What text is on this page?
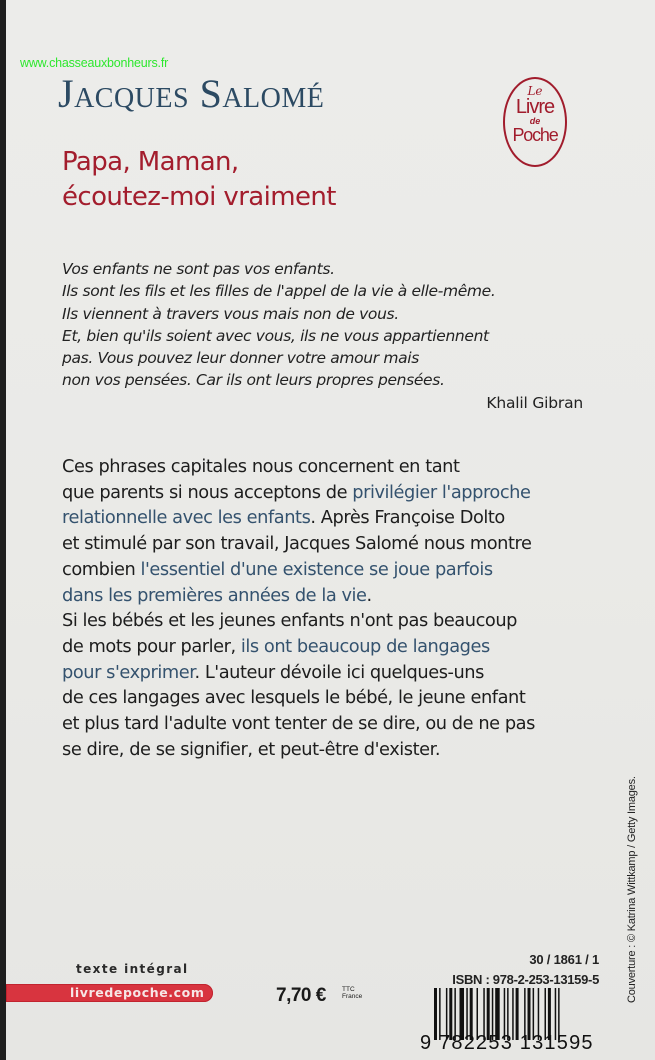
www.chasseauxbonheurs.fr
Jacques Salomé	Le
Livre
de
Poche
Papa, Maman,
écoutez-moi vraiment
Vos enfants ne sont pas vos enfants.
Ils sont les fils et les filles de l'appel de la vie à elle-même.
Ils viennent à travers vous mais non de vous.
Et, bien qu'ils soient avec vous, ils ne vous appartiennent
pas. Vous pouvez leur donner votre amour mais
non vos pensées. Car ils ont leurs propres pensées.
Khalil Gibran
Ces phrases capitales nous concernent en tant
que parents si nous acceptons de privilégier l'approche
relationnelle avec les enfants. Après Françoise Dolto
et stimulé par son travail, Jacques Salomé nous montre
combien l'essentiel d'une existence se joue parfois
dans les premières années de la vie.
Si les bébés et les jeunes enfants n'ont pas beaucoup
de mots pour parler, ils ont beaucoup de langages
pour s'exprimer. L'auteur dévoile ici quelques-uns
de ces langages avec lesquels le bébé, le jeune enfant
et plus tard l'adulte vont tenter de se dire, ou de ne pas
se dire, de se signifier, et peut-être d'exister.
Couverture : © Katrina Wittkamp / Getty Images.
texte intégral
livredepoche.com	7,70 € TTC
France
30 / 1861 / 1
ISBN : 978-2-253-13159-5
9 782253 131595
